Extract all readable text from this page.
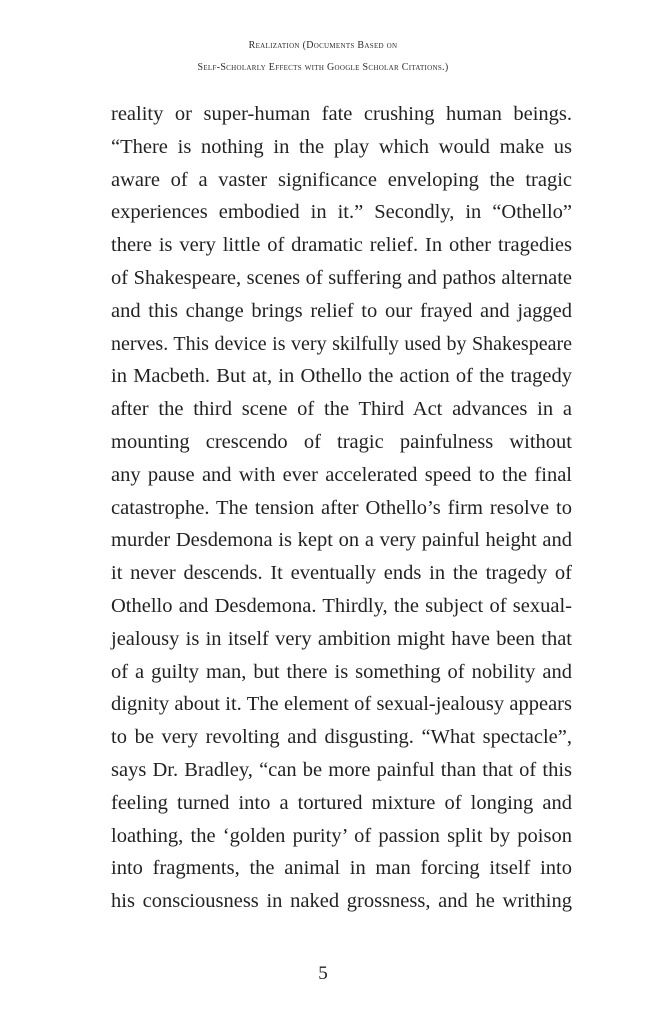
Realization (Documents Based on
Self-Scholarly Effects with Google Scholar Citations.)
reality or super-human fate crushing human beings.
“There is nothing in the play which would make us
aware of a vaster significance enveloping the tragic
experiences embodied in it.” Secondly, in “Othello”
there is very little of dramatic relief. In other tragedies
of Shakespeare, scenes of suffering and pathos alternate
and this change brings relief to our frayed and jagged
nerves. This device is very skilfully used by Shakespeare
in Macbeth. But at, in Othello the action of the tragedy
after the third scene of the Third Act advances in a
mounting crescendo of tragic painfulness without
any pause and with ever accelerated speed to the final
catastrophe. The tension after Othello’s firm resolve to
murder Desdemona is kept on a very painful height and
it never descends. It eventually ends in the tragedy of
Othello and Desdemona. Thirdly, the subject of sexual-
jealousy is in itself very ambition might have been that
of a guilty man, but there is something of nobility and
dignity about it. The element of sexual-jealousy appears
to be very revolting and disgusting. “What spectacle”,
says Dr. Bradley, “can be more painful than that of this
feeling turned into a tortured mixture of longing and
loathing, the ‘golden purity’ of passion split by poison
into fragments, the animal in man forcing itself into
his consciousness in naked grossness, and he writhing
5
